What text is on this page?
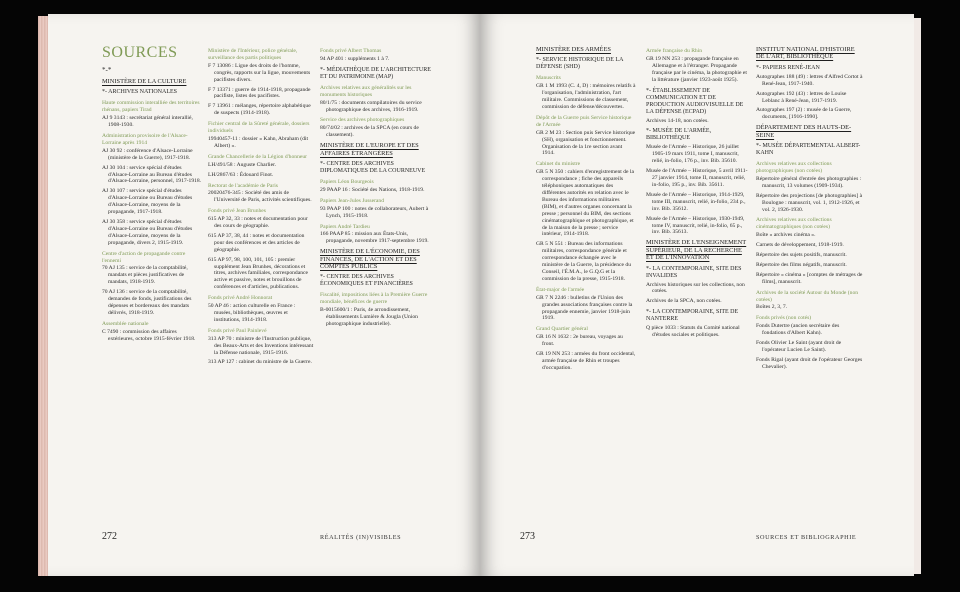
SOURCES
*-*
MINISTÈRE DE LA CULTURE
*- ARCHIVES NATIONALES
Haute commission interalliée des territoires rhénans, papiers Tirad
AJ 9 3143 : secrétariat général interallié, 1908-1930.
Administration provisoire de l'Alsace-Lorraine après 1914
AJ 30 92 : conférence d'Alsace-Lorraine (ministère de la Guerre), 1917-1918.
AJ 30 104 : service spécial d'études d'Alsace-Lorraine au Bureau d'études d'Alsace-Lorraine, personnel, 1917-1918.
AJ 30 107 : service spécial d'études d'Alsace-Lorraine ou Bureau d'études d'Alsace-Lorraine, moyens de la propagande, 1917-1918.
AJ 30 358 : service spécial d'études d'Alsace-Lorraine ou Bureau d'études d'Alsace-Lorraine, moyens de la propagande, divers 2, 1915-1919.
Centre d'action de propagande contre l'ennemi
70 AJ 135 : service de la comptabilité, mandats et pièces justificatives de mandats, 1918-1919.
70 AJ 136 : service de la comptabilité, demandes de fonds, justifications des dépenses et bordereaux des mandats délivrés, 1918-1919.
Assemblée nationale
C 7490 : commission des affaires extérieures, octobre 1915-février 1918.
Ministère de l'Intérieur, police générale, surveillance des partis politiques
F 7 13086 : Ligue des droits de l'homme, congrès, rapports sur la ligue, mouvements pacifistes divers.
F 7 13371 : guerre de 1914-1918, propagande pacifiste, listes des pacifistes.
F 7 13961 : mélanges, répertoire alphabétique de suspects (1914-1918).
Fichier central de la Sûreté générale, dossiers individuels
19940457-11 : dossier « Kahn, Abraham (dit Albert) ».
Grande Chancellerie de la Légion d'honneur
LH/491/58 : Auguste Charlier.
LH/2867/63 : Édouard Finot.
Rectorat de l'académie de Paris
20020476-345 : Société des amis de l'Université de Paris, activités scientifiques.
Fonds privé Jean Brunhes
615 AP 32, 33 : notes et documentation pour des cours de géographie.
615 AP 37, 38, 44 : notes et documentation pour des conférences et des articles de géographie.
615 AP 97, 98, 100, 101, 105 : premier supplément Jean Brunhes, décorations et titres, archives familiales, correspondance active et passive, notes et brouillons de conférences et d'articles, publications.
Fonds privé André Honnorat
50 AP 46 : action culturelle en France : musées, bibliothèques, œuvres et institutions, 1914-1918.
Fonds privé Paul Painlevé
313 AP 70 : ministre de l'Instruction publique, des Beaux-Arts et des Inventions intéressant la Défense nationale, 1915-1916.
313 AP 127 : cabinet du ministre de la Guerre.
Fonds privé Albert Thomas
94 AP 401 : suppléments 1 à 7.
*- MÉDIATHÈQUE DE L'ARCHITECTURE ET DU PATRIMOINE (MAP)
Archives relatives aux généralités sur les monuments historiques
80/1/75 : documents compilatoires du service photographique des archives, 1916-1919.
Service des archives photographiques
80/74/02 : archives de la SPCA (en cours de classement).
MINISTÈRE DE L'EUROPE ET DES AFFAIRES ÉTRANGÈRES
*- CENTRE DES ARCHIVES DIPLOMATIQUES DE LA COURNEUVE
Papiers Léon Bourgeois
29 PAAP 16 : Société des Nations, 1918-1919.
Papiers Jean-Jules Jusserand
93 PAAP 100 : notes de collaborateurs, Aubert à Lynch, 1915-1918.
Papiers André Tardieu
166 PAAP 85 : mission aux États-Unis, propagande, novembre 1917-septembre 1919.
MINISTÈRE DE L'ÉCONOMIE, DES FINANCES, DE L'ACTION ET DES COMPTES PUBLICS
*- CENTRE DES ARCHIVES ÉCONOMIQUES ET FINANCIÈRES
Fiscalité, impositions liées à la Première Guerre mondiale, bénéfices de guerre
B-0015600/1 : Paris, 4e arrondissement, établissements Lumière & Jougla (Union photographique industrielle).
272	RÉALITÉS (IN)VISIBLES
MINISTÈRE DES ARMÉES
*- SERVICE HISTORIQUE DE LA DÉFENSE (SHD)
Manuscrits
GR 1 M 1993 (C. 4, D) : mémoires relatifs à l'organisation, l'administration, l'art militaire. Commissions de classement, commission de défense/découvertes.
Dépôt de la Guerre puis Service historique de l'Armée
GR 2 M 23 : Section puis Service historique (SH), organisation et fonctionnement. Organisation de la 1re section avant 1914.
Cabinet du ministre
GR 5 N 350 : cahiers d'enregistrement de la correspondance ; fiche des appareils téléphoniques automatiques des différentes autorités en relation avec le Bureau des informations militaires (BIM), et d'autres organes concernant la presse ; personnel du BIM, des sections cinématographique et photographique, et de la maison de la presse ; service intérieur, 1914-1918.
GR 5 N 551 : Bureau des informations militaires, correspondance générale et correspondance échangée avec le ministère de la Guerre, la présidence du Conseil, l'É.M.A., le G.Q.G et la commission de la presse, 1915-1918.
État-major de l'armée
GR 7 N 2246 : bulletins de l'Union des grandes associations françaises contre la propagande ennemie, janvier 1918-juin 1919.
Grand Quartier général
GR 16 N 1632 : 2e bureau, voyages au front.
GR 19 NN 253 : armées du front occidental, armée française de Rhin et troupes d'occupation.
Armée française du Rhin
GR 19 NN 253 : propagande française en Allemagne et à l'étranger. Propagande française par le cinéma, la photographie et la littérature (janvier 1923-août 1925).
*- ÉTABLISSEMENT DE COMMUNICATION ET DE PRODUCTION AUDIOVISUELLE DE LA DÉFENSE (ECPAD)
Archives 14-18, non cotées.
*- MUSÉE DE L'ARMÉE, BIBLIOTHÈQUE
Musée de l'Armée – Historique, 26 juillet 1905-19 mars 1911, tome I, manuscrit, relié, in-folio, 176 p., inv. Bib. 35610.
Musée de l'Armée – Historique, 5 avril 1911-27 janvier 1914, tome II, manuscrit, relié, in-folio, 195 p., inv. Bib. 35611.
Musée de l'Armée – Historique, 1914-1929, tome III, manuscrit, relié, in-folio, 234 p., inv. Bib. 35612.
Musée de l'Armée – Historique, 1930-1949, tome IV, manuscrit, relié, in-folio, 65 p., inv. Bib. 35613.
MINISTÈRE DE L'ENSEIGNEMENT SUPÉRIEUR, DE LA RECHERCHE ET DE L'INNOVATION
*- LA CONTEMPORAINE, SITE DES INVALIDES
Archives historiques sur les collections, non cotées.
Archives de la SPCA, non cotées.
*- LA CONTEMPORAINE, SITE DE NANTERRE
Q pièce 1033 : Statuts du Comité national d'études sociales et politiques.
INSTITUT NATIONAL D'HISTOIRE DE L'ART, BIBLIOTHÈQUE
*- PAPIERS RENÉ-JEAN
Autographes 188 (49) : lettres d'Alfred Cortot à René-Jean, 1917-1940.
Autographes 192 (43) : lettres de Louise Leblanc à René-Jean, 1917-1919.
Autographes 197 (2) : musée de la Guerre, documents, [1916-1990].
DÉPARTEMENT DES HAUTS-DE-SEINE
*- MUSÉE DÉPARTEMENTAL ALBERT-KAHN
Archives relatives aux collections photographiques (non cotées)
Répertoire général d'entrée des photographies : manuscrit, 13 volumes (1909-1934).
Répertoire des projections [de photographies] à Boulogne : manuscrit, vol. 1, 1912-1926, et vol. 2, 1926-1930.
Archives relatives aux collections cinématographiques (non cotées)
Boîte « archives cinéma ».
Carnets de développement, 1918-1919.
Répertoire des sujets positifs, manuscrit.
Répertoire des films négatifs, manuscrit.
Répertoire « cinéma » [comptes de métrages de films], manuscrit.
Archives de la société Autour du Monde (non cotées)
Boîtes 2, 3, 7.
Fonds privés (non cotés)
Fonds Dutertre (ancien secrétaire des fondations d'Albert Kahn).
Fonds Olivier Le Saint (ayant droit de l'opérateur Lucien Le Saint).
Fonds Rigal (ayant droit de l'opérateur Georges Chevalier).
273	SOURCES ET BIBLIOGRAPHIE
